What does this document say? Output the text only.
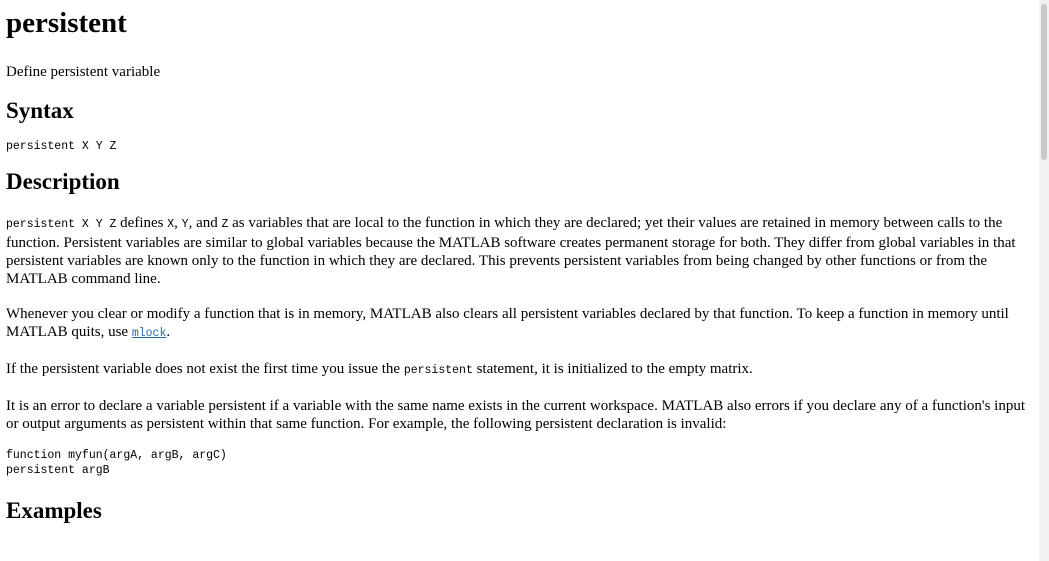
persistent

Define persistent variable

Syntax
persistent X Y Z
Description

persistent X Y Z defines X, Y, and Z as variables that are local to the function in which they are declared; yet their values are retained in memory between calls to the function. Persistent variables are similar to global variables because the MATLAB software creates permanent storage for both. They differ from global variables in that persistent variables are known only to the function in which they are declared. This prevents persistent variables from being changed by other functions or from the MATLAB command line.

Whenever you clear or modify a function that is in memory, MATLAB also clears all persistent variables declared by that function. To keep a function in memory until MATLAB quits, use mlock.

If the persistent variable does not exist the first time you issue the persistent statement, it is initialized to the empty matrix.

It is an error to declare a variable persistent if a variable with the same name exists in the current workspace. MATLAB also errors if you declare any of a function's input or output arguments as persistent within that same function. For example, the following persistent declaration is invalid:

function myfun(argA, argB, argC)
persistent argB
Examples
